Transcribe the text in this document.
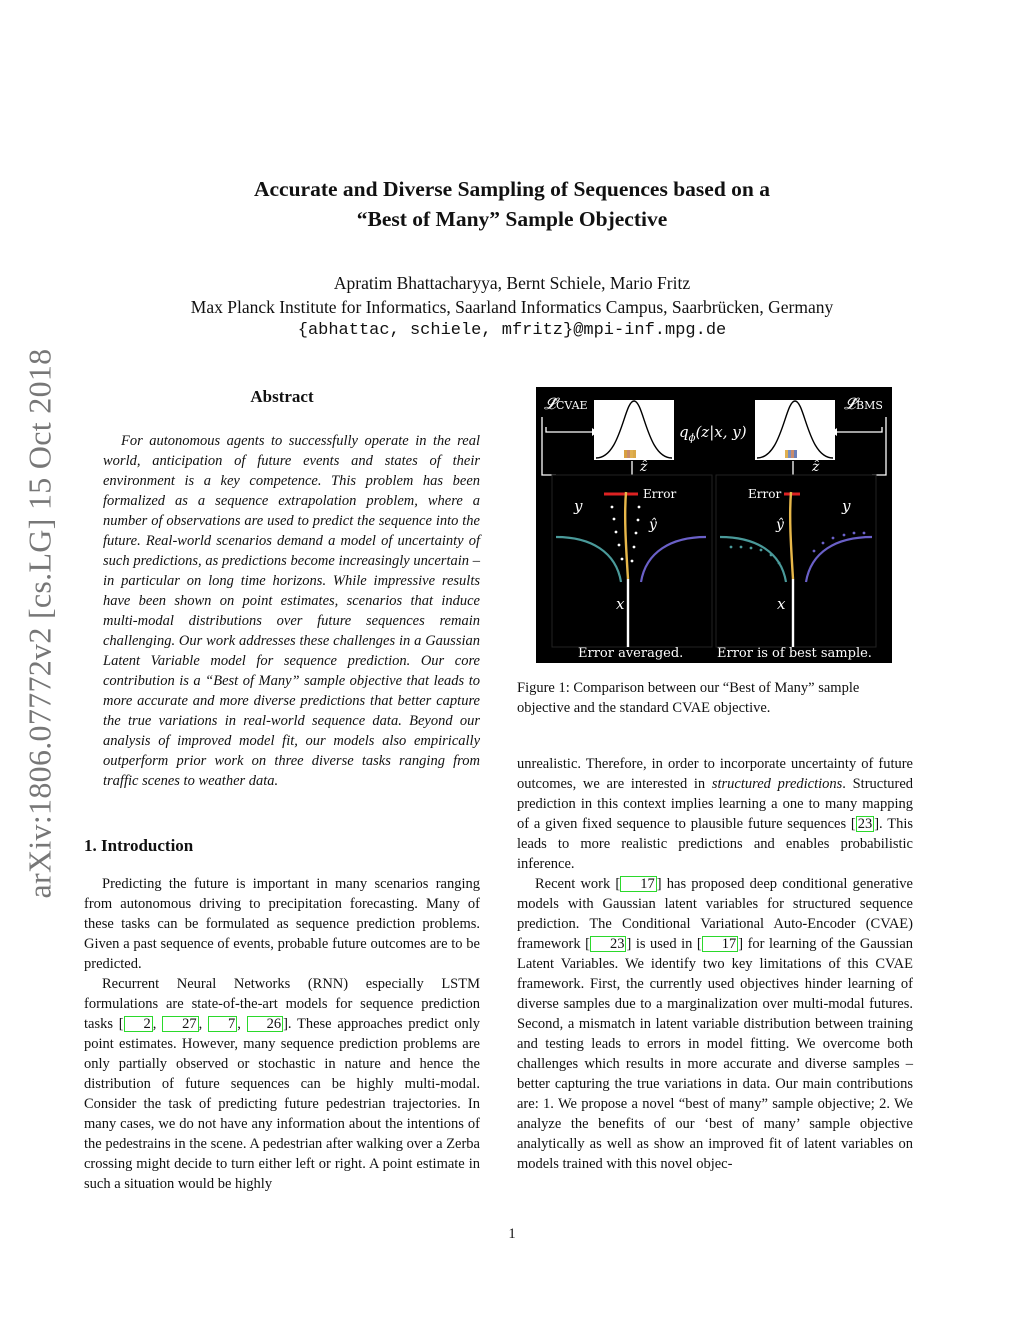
arXiv:1806.07772v2 [cs.LG] 15 Oct 2018
Accurate and Diverse Sampling of Sequences based on a
“Best of Many” Sample Objective
Apratim Bhattacharyya, Bernt Schiele, Mario Fritz
Max Planck Institute for Informatics, Saarland Informatics Campus, Saarbrücken, Germany
{abhattac, schiele, mfritz}@mpi-inf.mpg.de
Abstract
For autonomous agents to successfully operate in the real world, anticipation of future events and states of their environment is a key competence. This problem has been formalized as a sequence extrapolation problem, where a number of observations are used to predict the sequence into the future. Real-world scenarios demand a model of uncertainty of such predictions, as predictions become increasingly uncertain – in particular on long time horizons. While impressive results have been shown on point estimates, scenarios that induce multi-modal distributions over future sequences remain challenging. Our work addresses these challenges in a Gaussian Latent Variable model for sequence prediction. Our core contribution is a “Best of Many” sample objective that leads to more accurate and more diverse predictions that better capture the true variations in real-world sequence data. Beyond our analysis of improved model fit, our models also empirically outperform prior work on three diverse tasks ranging from traffic scenes to weather data.
1. Introduction

Predicting the future is important in many scenarios ranging from autonomous driving to precipitation forecasting. Many of these tasks can be formulated as sequence prediction problems. Given a past sequence of events, probable future outcomes are to be predicted.

Recurrent Neural Networks (RNN) especially LSTM formulations are state-of-the-art models for sequence prediction tasks [ 2 , 27 , 7 , 26 ]. These approaches predict only point estimates. However, many sequence prediction problems are only partially observed or stochastic in nature and hence the distribution of future sequences can be highly multi-modal. Consider the task of predicting future pedestrian trajectories. In many cases, we do not have any information about the intentions of the pedestrains in the scene. A pedestrian after walking over a Zerba crossing might decide to turn either left or right. A point estimate in such a situation would be highly

𝓛̂ CVAE	𝓛̂ BMS
$q_\phi(z|x$, y)
ẑ	ẑ
Error	Error
y	y
ŷ	ŷ
x	x
Error averaged.	Error is of best sample.
Figure 1: Comparison between our “Best of Many” sample objective and the standard CVAE objective.

unrealistic. Therefore, in order to incorporate uncertainty of future outcomes, we are interested in structured predictions. Structured prediction in this context implies learning a one to many mapping of a given fixed sequence to plausible future sequences [ 23 ]. This leads to more realistic predictions and enables probabilistic inference.

Recent work [ 17 ] has proposed deep conditional generative models with Gaussian latent variables for structured sequence prediction. The Conditional Variational Auto-Encoder (CVAE) framework [ 23 ] is used in [ 17 ] for learning of the Gaussian Latent Variables. We identify two key limitations of this CVAE framework. First, the currently used objectives hinder learning of diverse samples due to a marginalization over multi-modal futures. Second, a mismatch in latent variable distribution between training and testing leads to errors in model fitting. We overcome both challenges which results in more accurate and diverse samples – better capturing the true variations in data. Our main contributions are: 1. We propose a novel “best of many” sample objective; 2. We analyze the benefits of our ‘best of many’ sample objective analytically as well as show an improved fit of latent variables on models trained with this novel objec-

1
